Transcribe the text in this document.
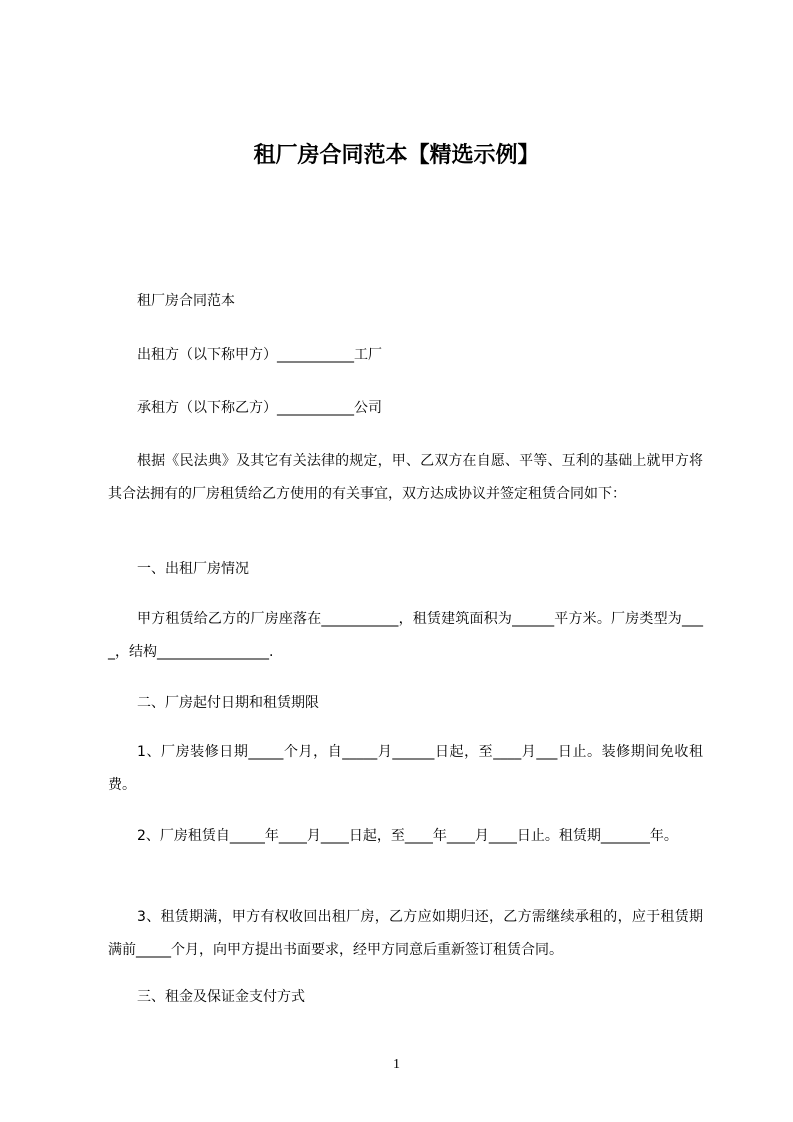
租厂房合同范本【精选示例】
租厂房合同范本
出租方（以下称甲方）___________工厂
承租方（以下称乙方）___________公司
根据《民法典》及其它有关法律的规定，甲、乙双方在自愿、平等、互利的基础上就甲方将其合法拥有的厂房租赁给乙方使用的有关事宜，双方达成协议并签定租赁合同如下：
一、出租厂房情况
甲方租赁给乙方的厂房座落在___________，租赁建筑面积为______平方米。厂房类型为____，结构________________.
二、厂房起付日期和租赁期限
1、厂房装修日期_____个月，自_____月______日起，至____月___日止。装修期间免收租费。
2、厂房租赁自_____年____月____日起，至____年____月____日止。租赁期_______年。
3、租赁期满，甲方有权收回出租厂房，乙方应如期归还，乙方需继续承租的，应于租赁期满前_____个月，向甲方提出书面要求，经甲方同意后重新签订租赁合同。
三、租金及保证金支付方式
1
